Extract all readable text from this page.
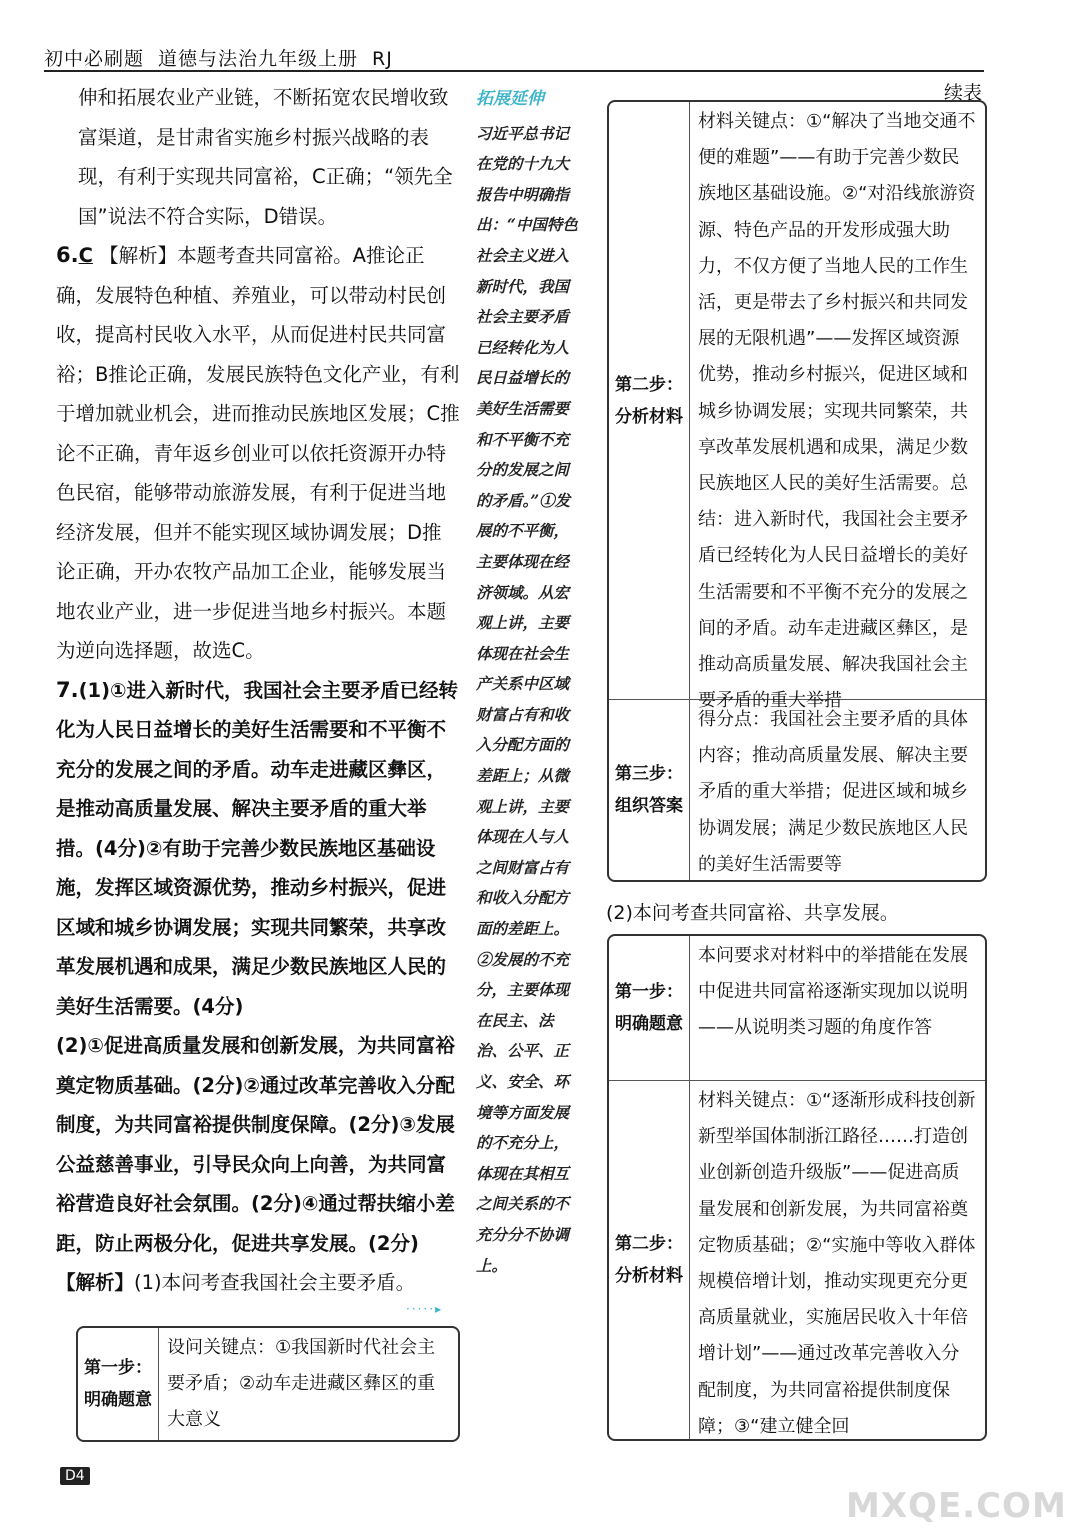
初中必刷题 道德与法治九年级上册 RJ
续表

伸和拓展农业产业链，不断拓宽农民增收致富渠道，是甘肃省实施乡村振兴战略的表现，有利于实现共同富裕，C正确；“领先全国”说法不符合实际，D错误。

6.C 【解析】本题考查共同富裕。A推论正确，发展特色种植、养殖业，可以带动村民创收，提高村民收入水平，从而促进村民共同富裕；B推论正确，发展民族特色文化产业，有利于增加就业机会，进而推动民族地区发展；C推论不正确，青年返乡创业可以依托资源开办特色民宿，能够带动旅游发展，有利于促进当地经济发展，但并不能实现区域协调发展；D推论正确，开办农牧产品加工企业，能够发展当地农业产业，进一步促进当地乡村振兴。本题为逆向选择题，故选C。

7.(1)①进入新时代，我国社会主要矛盾已经转化为人民日益增长的美好生活需要和不平衡不充分的发展之间的矛盾。动车走进藏区彝区，是推动高质量发展、解决主要矛盾的重大举措。(4分)②有助于完善少数民族地区基础设施，发挥区域资源优势，推动乡村振兴，促进区域和城乡协调发展；实现共同繁荣，共享改革发展机遇和成果，满足少数民族地区人民的美好生活需要。(4分)

(2)①促进高质量发展和创新发展，为共同富裕奠定物质基础。(2分)②通过改革完善收入分配制度，为共同富裕提供制度保障。(2分)③发展公益慈善事业，引导民众向上向善，为共同富裕营造良好社会氛围。(2分)④通过帮扶缩小差距，防止两极分化，促进共享发展。(2分)

【解析】(1)本问考查我国社会主要矛盾。

·····▸
第一步：明确题意
设问关键点：①我国新时代社会主要矛盾；②动车走进藏区彝区的重大意义
拓展延伸
习近平总书记在党的十九大报告中明确指出：“中国特色社会主义进入新时代，我国社会主要矛盾已经转化为人民日益增长的美好生活需要和不平衡不充分的发展之间的矛盾。”①发展的不平衡，主要体现在经济领域。从宏观上讲，主要体现在社会生产关系中区域财富占有和收入分配方面的差距上；从微观上讲，主要体现在人与人之间财富占有和收入分配方面的差距上。②发展的不充分，主要体现在民主、法治、公平、正义、安全、环境等方面发展的不充分上，体现在其相互之间关系的不充分分不协调上。
第二步：分析材料
材料关键点：①“解决了当地交通不便的难题”——有助于完善少数民族地区基础设施。②“对沿线旅游资源、特色产品的开发形成强大助力，不仅方便了当地人民的工作生活，更是带去了乡村振兴和共同发展的无限机遇”——发挥区域资源优势，推动乡村振兴，促进区域和城乡协调发展；实现共同繁荣，共享改革发展机遇和成果，满足少数民族地区人民的美好生活需要。总结：进入新时代，我国社会主要矛盾已经转化为人民日益增长的美好生活需要和不平衡不充分的发展之间的矛盾。动车走进藏区彝区，是推动高质量发展、解决我国社会主要矛盾的重大举措
第三步：组织答案
得分点：我国社会主要矛盾的具体内容；推动高质量发展、解决主要矛盾的重大举措；促进区域和城乡协调发展；满足少数民族地区人民的美好生活需要等
(2)本问考查共同富裕、共享发展。
第一步：明确题意
本问要求对材料中的举措能在发展中促进共同富裕逐渐实现加以说明——从说明类习题的角度作答
第二步：分析材料
材料关键点：①“逐渐形成科技创新新型举国体制浙江路径……打造创业创新创造升级版”——促进高质量发展和创新发展，为共同富裕奠定物质基础；②“实施中等收入群体规模倍增计划，推动实现更充分更高质量就业，实施居民收入十年倍增计划”——通过改革完善收入分配制度，为共同富裕提供制度保障；③“建立健全回
D4
MXQE.COM
